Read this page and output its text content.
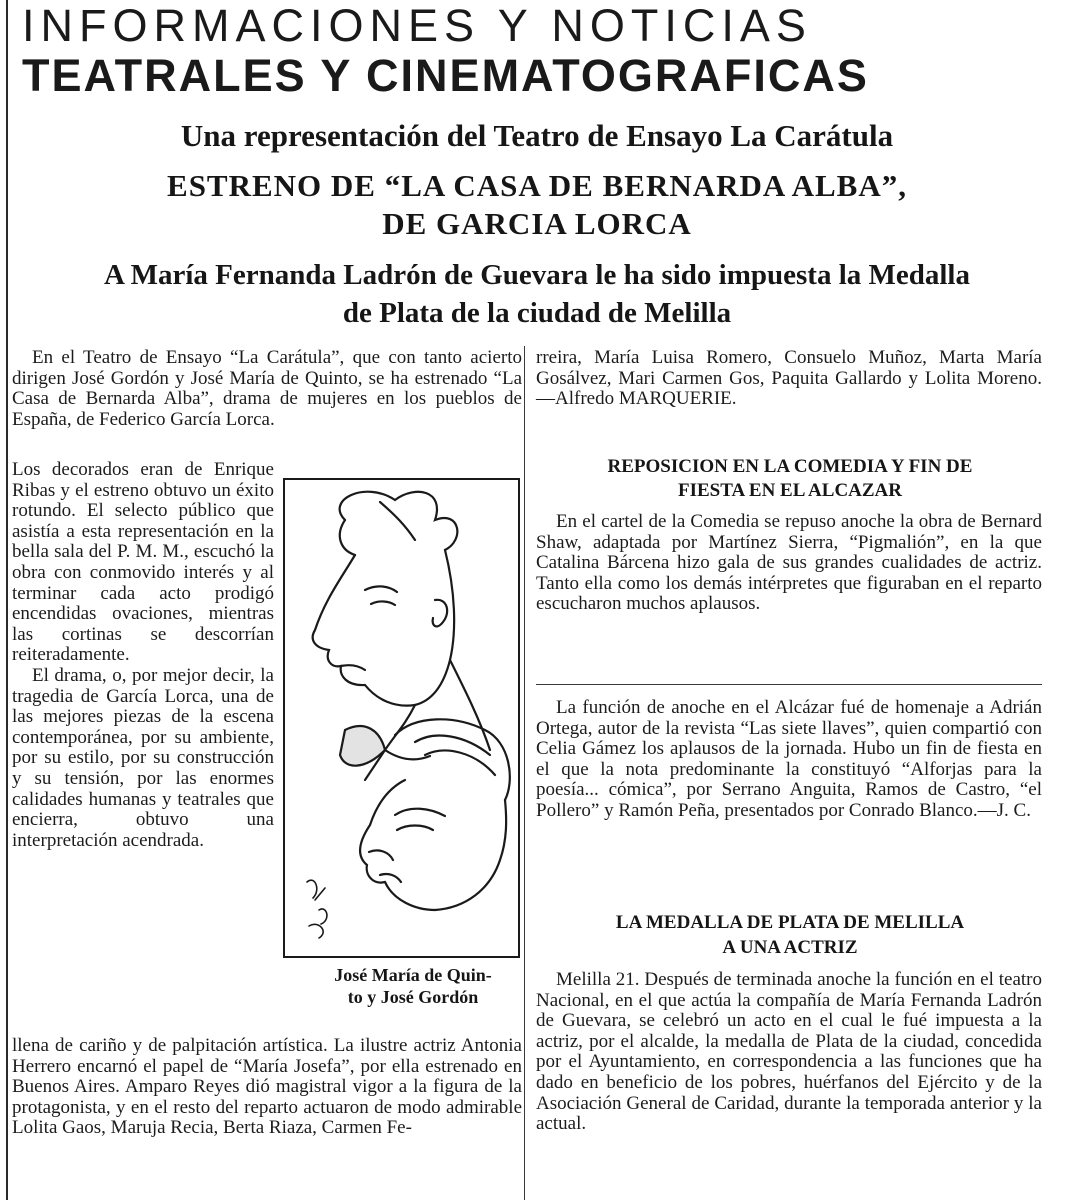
INFORMACIONES Y NOTICIAS
TEATRALES Y CINEMATOGRAFICAS
Una representación del Teatro de Ensayo La Carátula
ESTRENO DE “LA CASA DE BERNARDA ALBA”,
DE GARCIA LORCA
A María Fernanda Ladrón de Guevara le ha sido impuesta la Medalla
de Plata de la ciudad de Melilla

En el Teatro de Ensayo “La Carátula”, que con tanto acierto dirigen José Gordón y José María de Quinto, se ha estrenado “La Casa de Bernarda Alba”, drama de mujeres en los pueblos de España, de Federico García Lorca.

Los decorados eran de Enrique Ribas y el estreno obtuvo un éxito rotundo. El selecto público que asistía a esta representación en la bella sala del P. M. M., escuchó la obra con conmovido interés y al terminar cada acto prodigó encendidas ovaciones, mientras las cortinas se descorrían reiteradamente.

El drama, o, por mejor decir, la tragedia de García Lorca, una de las mejores piezas de la escena contemporánea, por su ambiente, por su estilo, por su construcción y su tensión, por las enormes calidades humanas y teatrales que encierra, obtuvo una interpretación acendrada.

José María de Quin-
to y José Gordón

llena de cariño y de palpitación artística. La ilustre actriz Antonia Herrero encarnó el papel de “María Josefa”, por ella estrenado en Buenos Aires. Amparo Reyes dió magistral vigor a la figura de la protagonista, y en el resto del reparto actuaron de modo admirable Lolita Gaos, Maruja Recia, Berta Riaza, Carmen Fe-

rreira, María Luisa Romero, Consuelo Muñoz, Marta María Gosálvez, Mari Carmen Gos, Paquita Gallardo y Lolita Moreno.—Alfredo MARQUERIE.

REPOSICION EN LA COMEDIA Y FIN DE
FIESTA EN EL ALCAZAR

En el cartel de la Comedia se repuso anoche la obra de Bernard Shaw, adaptada por Martínez Sierra, “Pigmalión”, en la que Catalina Bárcena hizo gala de sus grandes cualidades de actriz. Tanto ella como los demás intérpretes que figuraban en el reparto escucharon muchos aplausos.

La función de anoche en el Alcázar fué de homenaje a Adrián Ortega, autor de la revista “Las siete llaves”, quien compartió con Celia Gámez los aplausos de la jornada. Hubo un fin de fiesta en el que la nota predominante la constituyó “Alforjas para la poesía... cómica”, por Serrano Anguita, Ramos de Castro, “el Pollero” y Ramón Peña, presentados por Conrado Blanco.—J. C.

LA MEDALLA DE PLATA DE MELILLA
A UNA ACTRIZ

Melilla 21. Después de terminada anoche la función en el teatro Nacional, en el que actúa la compañía de María Fernanda Ladrón de Guevara, se celebró un acto en el cual le fué impuesta a la actriz, por el alcalde, la medalla de Plata de la ciudad, concedida por el Ayuntamiento, en correspondencia a las funciones que ha dado en beneficio de los pobres, huérfanos del Ejército y de la Asociación General de Caridad, durante la temporada anterior y la actual.
